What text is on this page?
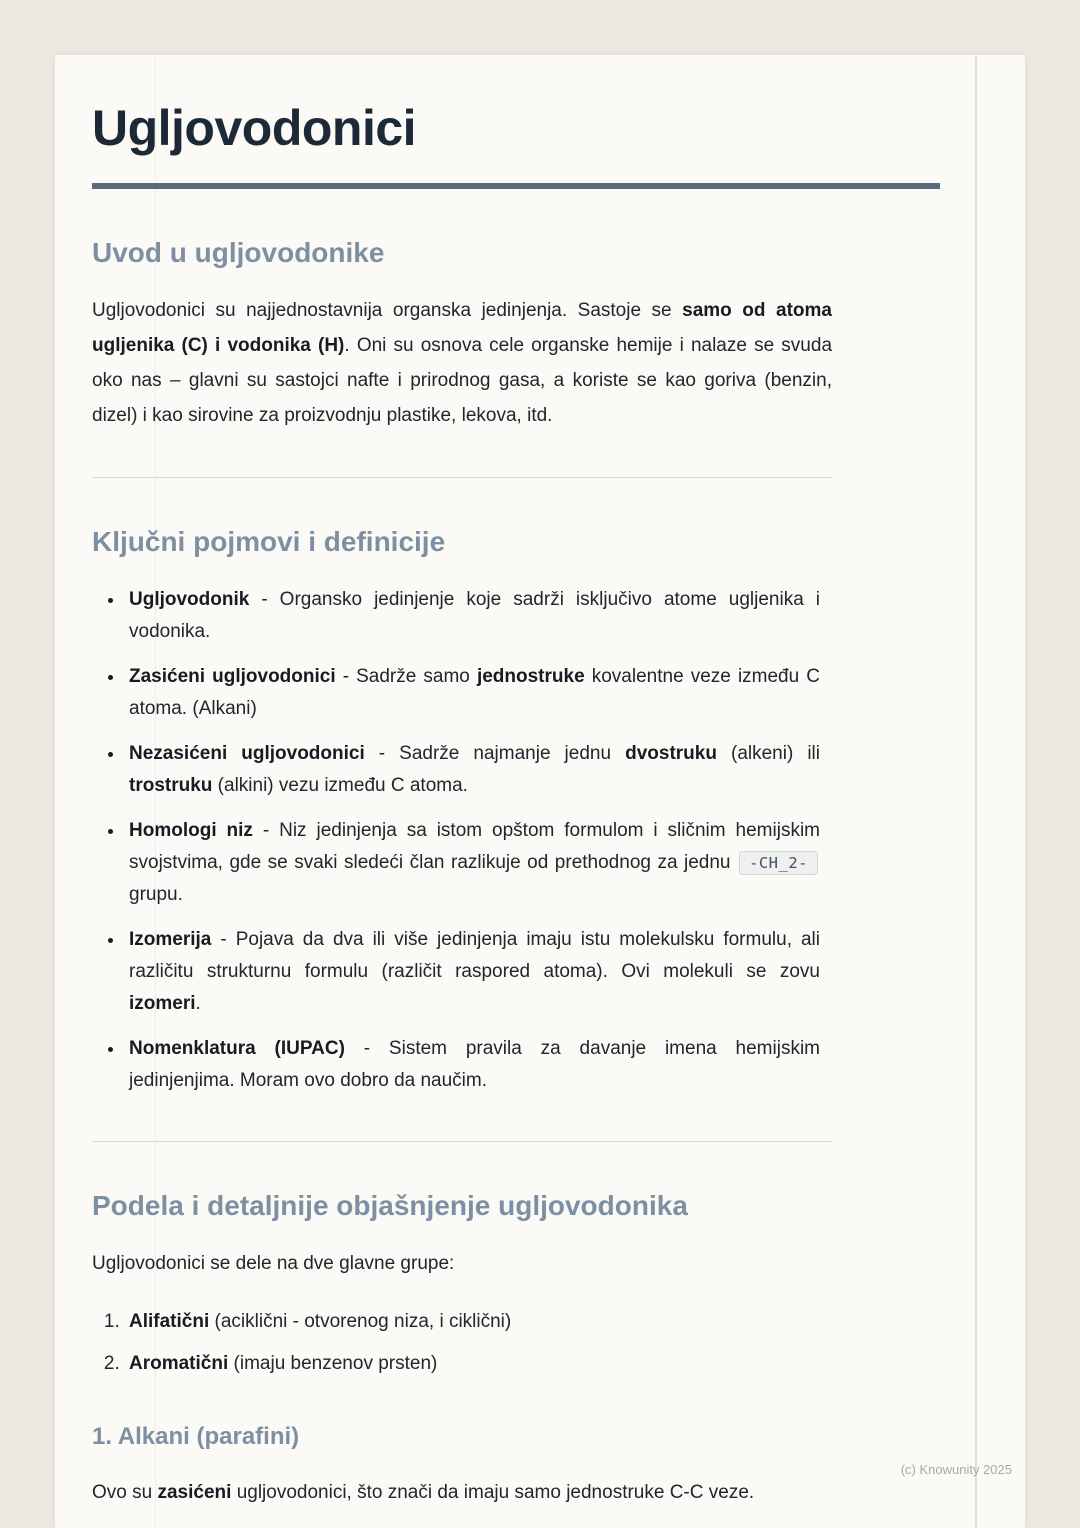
Ugljovodonici
Uvod u ugljovodonike

Ugljovodonici su najjednostavnija organska jedinjenja. Sastoje se samo od atoma ugljenika (C) i vodonika (H). Oni su osnova cele organske hemije i nalaze se svuda oko nas – glavni su sastojci nafte i prirodnog gasa, a koriste se kao goriva (benzin, dizel) i kao sirovine za proizvodnju plastike, lekova, itd.

Ključni pojmovi i definicije
• Ugljovodonik - Organsko jedinjenje koje sadrži isključivo atome ugljenika i vodonika.
• Zasićeni ugljovodonici - Sadrže samo jednostruke kovalentne veze između C atoma. (Alkani)
• Nezasićeni ugljovodonici - Sadrže najmanje jednu dvostruku (alkeni) ili trostruku (alkini) vezu između C atoma.
• Homologi niz - Niz jedinjenja sa istom opštom formulom i sličnim hemijskim svojstvima, gde se svaki sledeći član razlikuje od prethodnog za jednu -CH_2- grupu.
• Izomerija - Pojava da dva ili više jedinjenja imaju istu molekulsku formulu, ali različitu strukturnu formulu (različit raspored atoma). Ovi molekuli se zovu izomeri.
• Nomenklatura (IUPAC) - Sistem pravila za davanje imena hemijskim jedinjenjima. Moram ovo dobro da naučim.
Podela i detaljnije objašnjenje ugljovodonika

Ugljovodonici se dele na dve glavne grupe:

1. Alifatični (aciklični - otvorenog niza, i ciklični)
2. Aromatični (imaju benzenov prsten)
1. Alkani (parafini)

Ovo su zasićeni ugljovodonici, što znači da imaju samo jednostruke C-C veze.

(c) Knowunity 2025
